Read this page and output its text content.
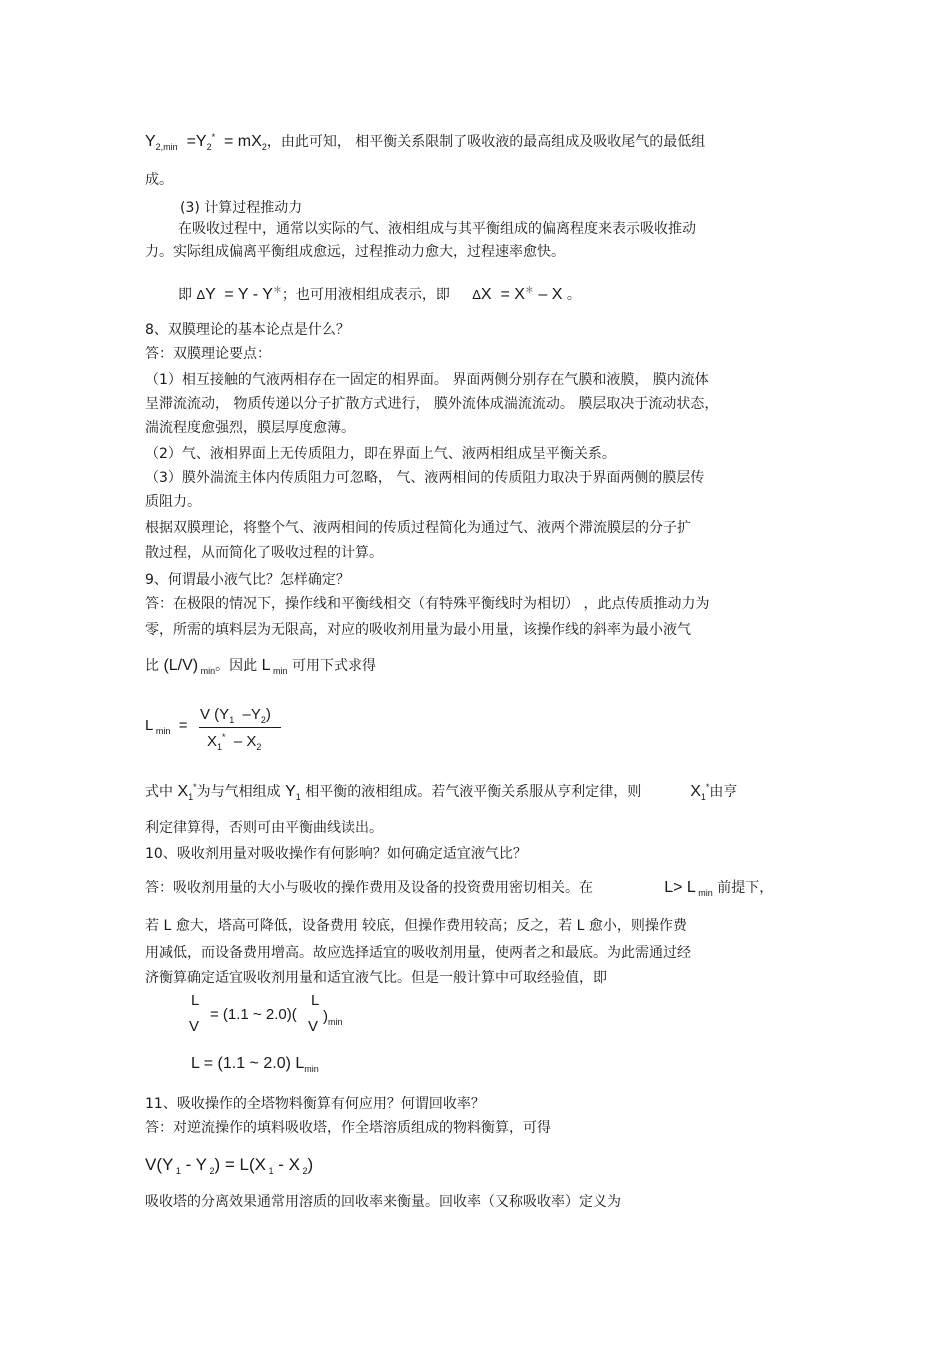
$Y_{2,min} =Y_2^* = mX_2$，由此可知， 相平衡关系限制了吸收液的最高组成及吸收尾气的最低组
成。
(3) 计算过程推动力
在吸收过程中，通常以实际的气、液相组成与其平衡组成的偏离程度来表示吸收推动
力。实际组成偏离平衡组成愈远，过程推动力愈大，过程速率愈快。
即 ΔY  = Y - Y＊；也可用液相组成表示，即 ΔX  = X＊ – X 。
8、双膜理论的基本论点是什么？
答：双膜理论要点：
（1）相互接触的气液两相存在一固定的相界面。 界面两侧分别存在气膜和液膜， 膜内流体
呈滞流流动， 物质传递以分子扩散方式进行， 膜外流体成湍流流动。 膜层取决于流动状态，
湍流程度愈强烈，膜层厚度愈薄。
（2）气、液相界面上无传质阻力，即在界面上气、液两相组成呈平衡关系。
（3）膜外湍流主体内传质阻力可忽略， 气、液两相间的传质阻力取决于界面两侧的膜层传
质阻力。
根据双膜理论，将整个气、液两相间的传质过程简化为通过气、液两个滞流膜层的分子扩
散过程，从而简化了吸收过程的计算。
9、何谓最小液气比？怎样确定？
答：在极限的情况下，操作线和平衡线相交（有特殊平衡线时为相切） ，此点传质推动力为
零，所需的填料层为无限高，对应的吸收剂用量为最小用量，该操作线的斜率为最小液气
比 (L/V) $_{min}$。因此 L $_{min}$ 可用下式求得
L $_{min}$  =
V ($Y_1$  $-Y_2$)
$X_1^* - X_2$
式中 $X_1^*$为与气相组成 $Y_1$ 相平衡的液相组成。若气液平衡关系服从亨利定律，则	$X_1^*$由亨
利定律算得，否则可由平衡曲线读出。
10、吸收剂用量对吸收操作有何影响？如何确定适宜液气比？
答：吸收剂用量的大小与吸收的操作费用及设备的投资费用密切相关。在	L> L $_{min}$ 前提下，
若 L 愈大，塔高可降低，设备费用 较底，但操作费用较高；反之，若 L 愈小，则操作费
用减低，而设备费用增高。故应选择适宜的吸收剂用量，使两者之和最底。为此需通过经
济衡算确定适宜吸收剂用量和适宜液气比。但是一般计算中可取经验值，即
L
V
= (1.1 ~ 2.0)(
L
V
)$_{min}$
L = (1.1 ~ 2.0) $L_{min}$
11、吸收操作的全塔物料衡算有何应用？何谓回收率？
答：对逆流操作的填料吸收塔，作全塔溶质组成的物料衡算，可得
V(Y $_1$ - Y $_2$) = L(X $_1$ - X $_2$)
吸收塔的分离效果通常用溶质的回收率来衡量。回收率（又称吸收率）定义为
